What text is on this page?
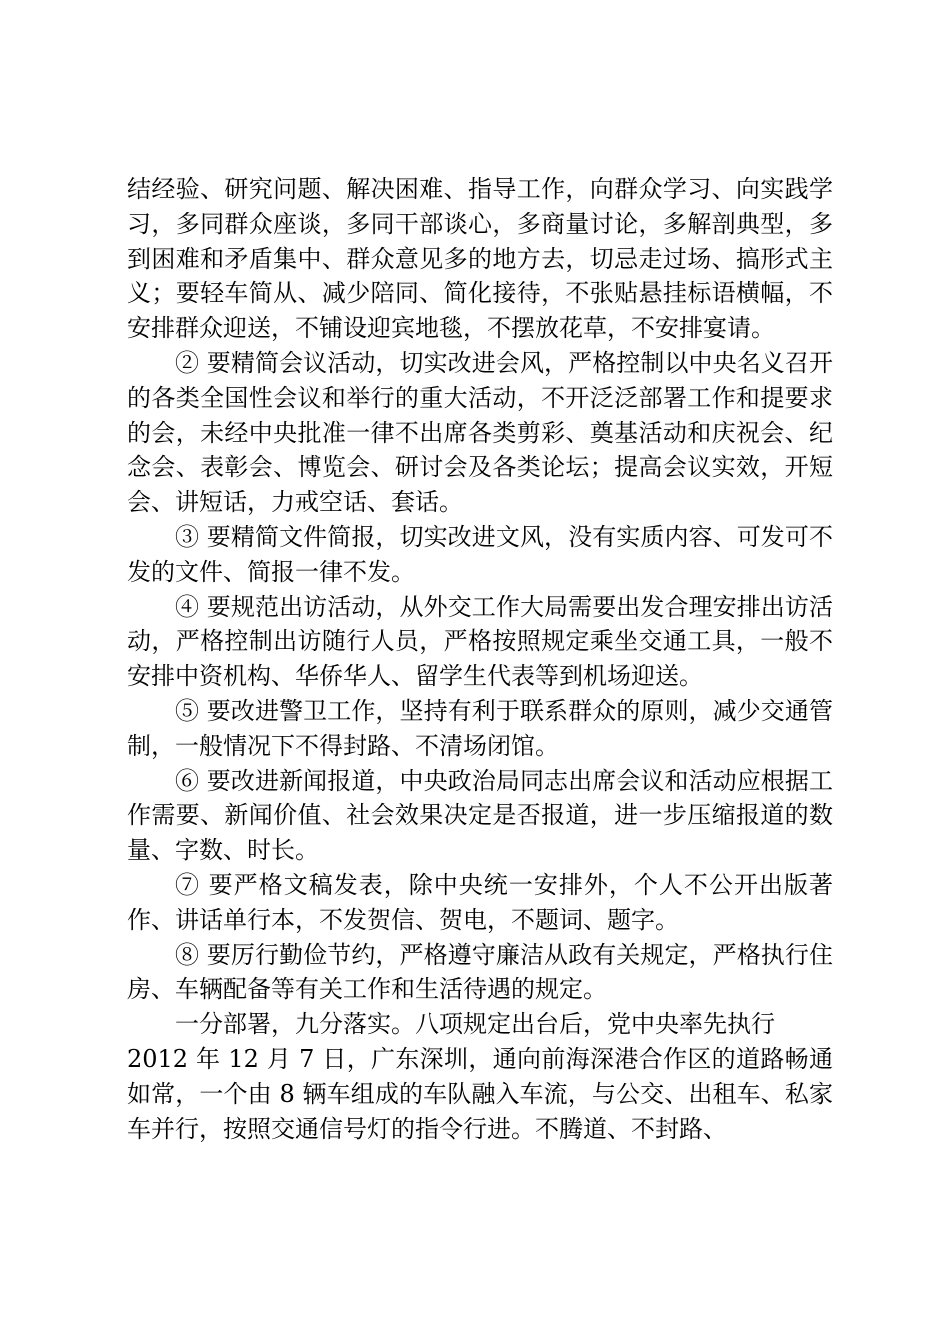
结经验、研究问题、解决困难、指导工作，向群众学习、向实践学习，多同群众座谈，多同干部谈心，多商量讨论，多解剖典型，多到困难和矛盾集中、群众意见多的地方去，切忌走过场、搞形式主义；要轻车简从、减少陪同、简化接待，不张贴悬挂标语横幅，不安排群众迎送，不铺设迎宾地毯，不摆放花草，不安排宴请。

② 要精简会议活动，切实改进会风，严格控制以中央名义召开的各类全国性会议和举行的重大活动，不开泛泛部署工作和提要求的会，未经中央批准一律不出席各类剪彩、奠基活动和庆祝会、纪念会、表彰会、博览会、研讨会及各类论坛；提高会议实效，开短会、讲短话，力戒空话、套话。

③ 要精简文件简报，切实改进文风，没有实质内容、可发可不发的文件、简报一律不发。

④ 要规范出访活动，从外交工作大局需要出发合理安排出访活动，严格控制出访随行人员，严格按照规定乘坐交通工具，一般不安排中资机构、华侨华人、留学生代表等到机场迎送。

⑤ 要改进警卫工作，坚持有利于联系群众的原则，减少交通管制，一般情况下不得封路、不清场闭馆。

⑥ 要改进新闻报道，中央政治局同志出席会议和活动应根据工作需要、新闻价值、社会效果决定是否报道，进一步压缩报道的数量、字数、时长。

⑦ 要严格文稿发表，除中央统一安排外，个人不公开出版著作、讲话单行本，不发贺信、贺电，不题词、题字。

⑧ 要厉行勤俭节约，严格遵守廉洁从政有关规定，严格执行住房、车辆配备等有关工作和生活待遇的规定。

一分部署，九分落实。八项规定出台后，党中央率先执行

2012 年 12 月 7 日，广东深圳，通向前海深港合作区的道路畅通如常，一个由 8 辆车组成的车队融入车流，与公交、出租车、私家车并行，按照交通信号灯的指令行进。不腾道、不封路、
